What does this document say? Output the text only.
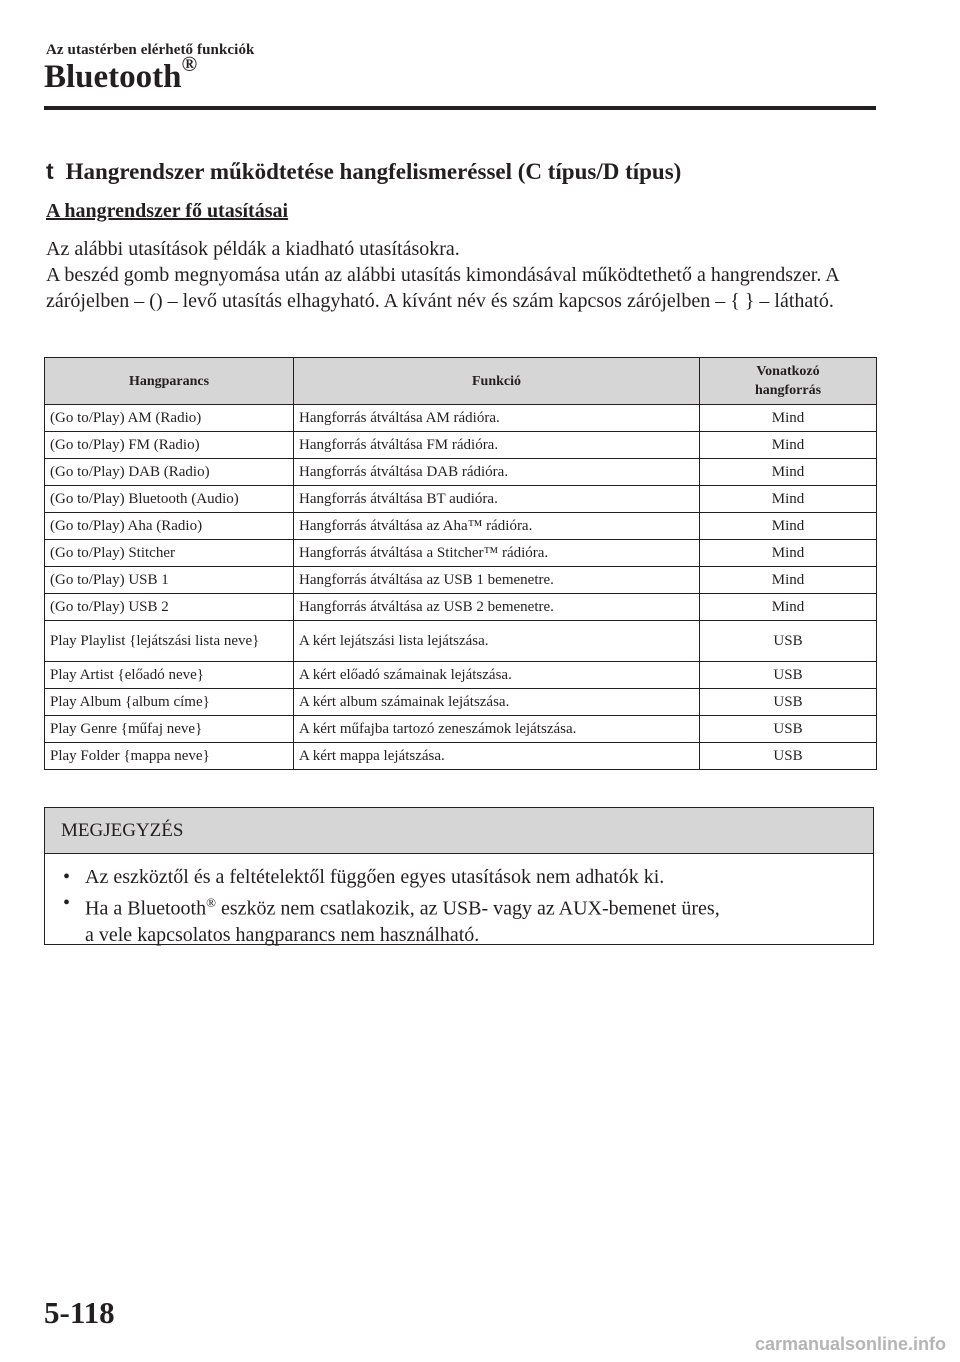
Az utastérben elérhető funkciók
Bluetooth®
t Hangrendszer működtetése hangfelismeréssel (C típus/D típus)
A hangrendszer fő utasításai

Az alábbi utasítások példák a kiadható utasításokra.

A beszéd gomb megnyomása után az alábbi utasítás kimondásával működtethető a hangrendszer. A zárójelben – () – levő utasítás elhagyható. A kívánt név és szám kapcsos zárójelben – { } – látható.

Hangparancs	Funkció	Vonatkozó
hangforrás
(Go to/Play) AM (Radio)	Hangforrás átváltása AM rádióra.	Mind
(Go to/Play) FM (Radio)	Hangforrás átváltása FM rádióra.	Mind
(Go to/Play) DAB (Radio)	Hangforrás átváltása DAB rádióra.	Mind
(Go to/Play) Bluetooth (Audio)	Hangforrás átváltása BT audióra.	Mind
(Go to/Play) Aha (Radio)	Hangforrás átváltása az Aha™ rádióra.	Mind
(Go to/Play) Stitcher	Hangforrás átváltása a Stitcher™ rádióra.	Mind
(Go to/Play) USB 1	Hangforrás átváltása az USB 1 bemenetre.	Mind
(Go to/Play) USB 2	Hangforrás átváltása az USB 2 bemenetre.	Mind
Play Playlist {lejátszási lista neve}	A kért lejátszási lista lejátszása.	USB
Play Artist {előadó neve}	A kért előadó számainak lejátszása.	USB
Play Album {album címe}	A kért album számainak lejátszása.	USB
Play Genre {műfaj neve}	A kért műfajba tartozó zeneszámok lejátszása.	USB
Play Folder {mappa neve}	A kért mappa lejátszása.	USB
MEGJEGYZÉS
• Az eszköztől és a feltételektől függően egyes utasítások nem adhatók ki.
• Ha a Bluetooth® eszköz nem csatlakozik, az USB- vagy az AUX-bemenet üres,
a vele kapcsolatos hangparancs nem használható.
5-118
carmanualsonline.info
